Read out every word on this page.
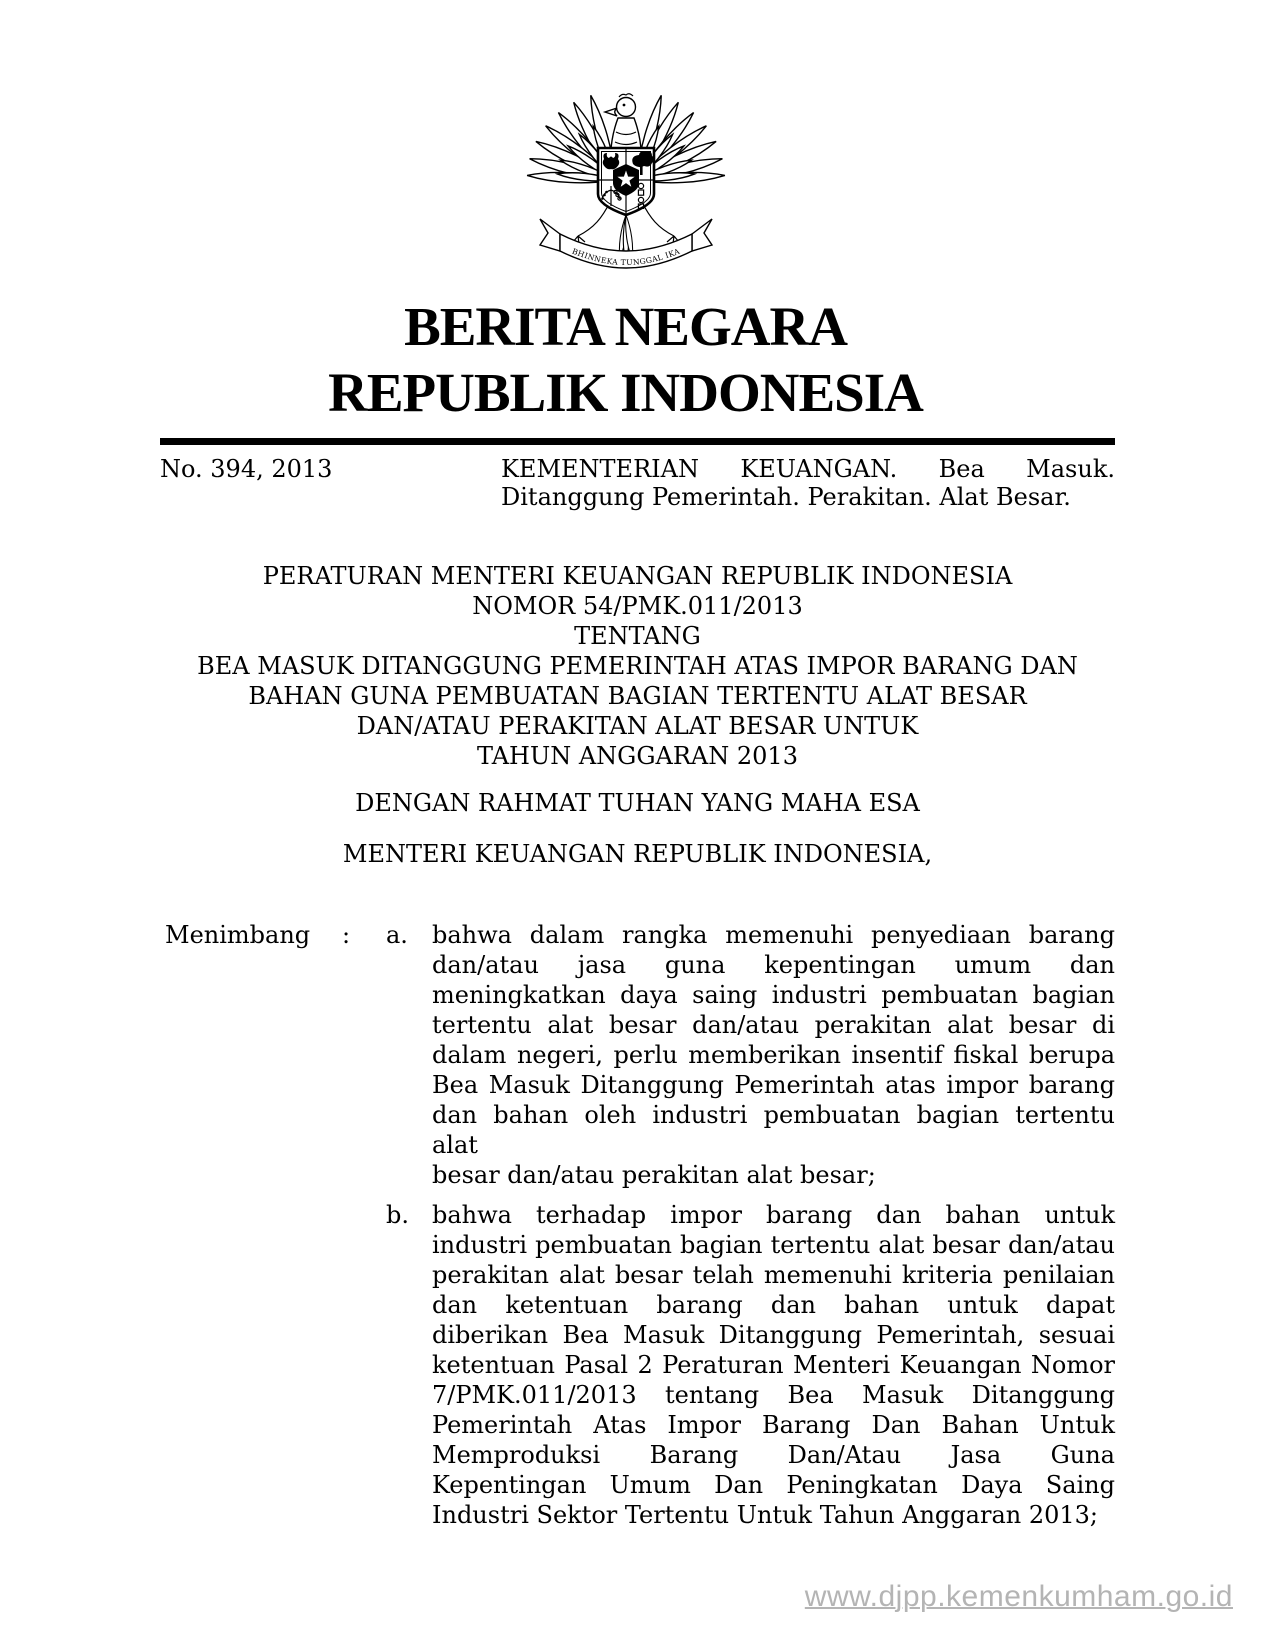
BHINNEKA TUNGGAL IKA
BERITA NEGARA
REPUBLIK INDONESIA
No. 394, 2013	KEMENTERIAN KEUANGAN. Bea Masuk.
Ditanggung Pemerintah. Perakitan. Alat Besar.
PERATURAN MENTERI KEUANGAN REPUBLIK INDONESIA
NOMOR 54/PMK.011/2013
TENTANG
BEA MASUK DITANGGUNG PEMERINTAH ATAS IMPOR BARANG DAN
BAHAN GUNA PEMBUATAN BAGIAN TERTENTU ALAT BESAR
DAN/ATAU PERAKITAN ALAT BESAR UNTUK
TAHUN ANGGARAN 2013
DENGAN RAHMAT TUHAN YANG MAHA ESA
MENTERI KEUANGAN REPUBLIK INDONESIA,
Menimbang	:	a.	bahwa dalam rangka memenuhi penyediaan barang
dan/atau jasa guna kepentingan umum dan
meningkatkan daya saing industri pembuatan bagian
tertentu alat besar dan/atau perakitan alat besar di
dalam negeri, perlu memberikan insentif fiskal berupa
Bea Masuk Ditanggung Pemerintah atas impor barang
dan bahan oleh industri pembuatan bagian tertentu alat
besar dan/atau perakitan alat besar;
b. bahwa terhadap impor barang dan bahan untuk
industri pembuatan bagian tertentu alat besar dan/atau
perakitan alat besar telah memenuhi kriteria penilaian
dan ketentuan barang dan bahan untuk dapat
diberikan Bea Masuk Ditanggung Pemerintah, sesuai
ketentuan Pasal 2 Peraturan Menteri Keuangan Nomor
7/PMK.011/2013 tentang Bea Masuk Ditanggung
Pemerintah Atas Impor Barang Dan Bahan Untuk
Memproduksi Barang Dan/Atau Jasa Guna
Kepentingan Umum Dan Peningkatan Daya Saing
Industri Sektor Tertentu Untuk Tahun Anggaran 2013;
www.djpp.kemenkumham.go.id
